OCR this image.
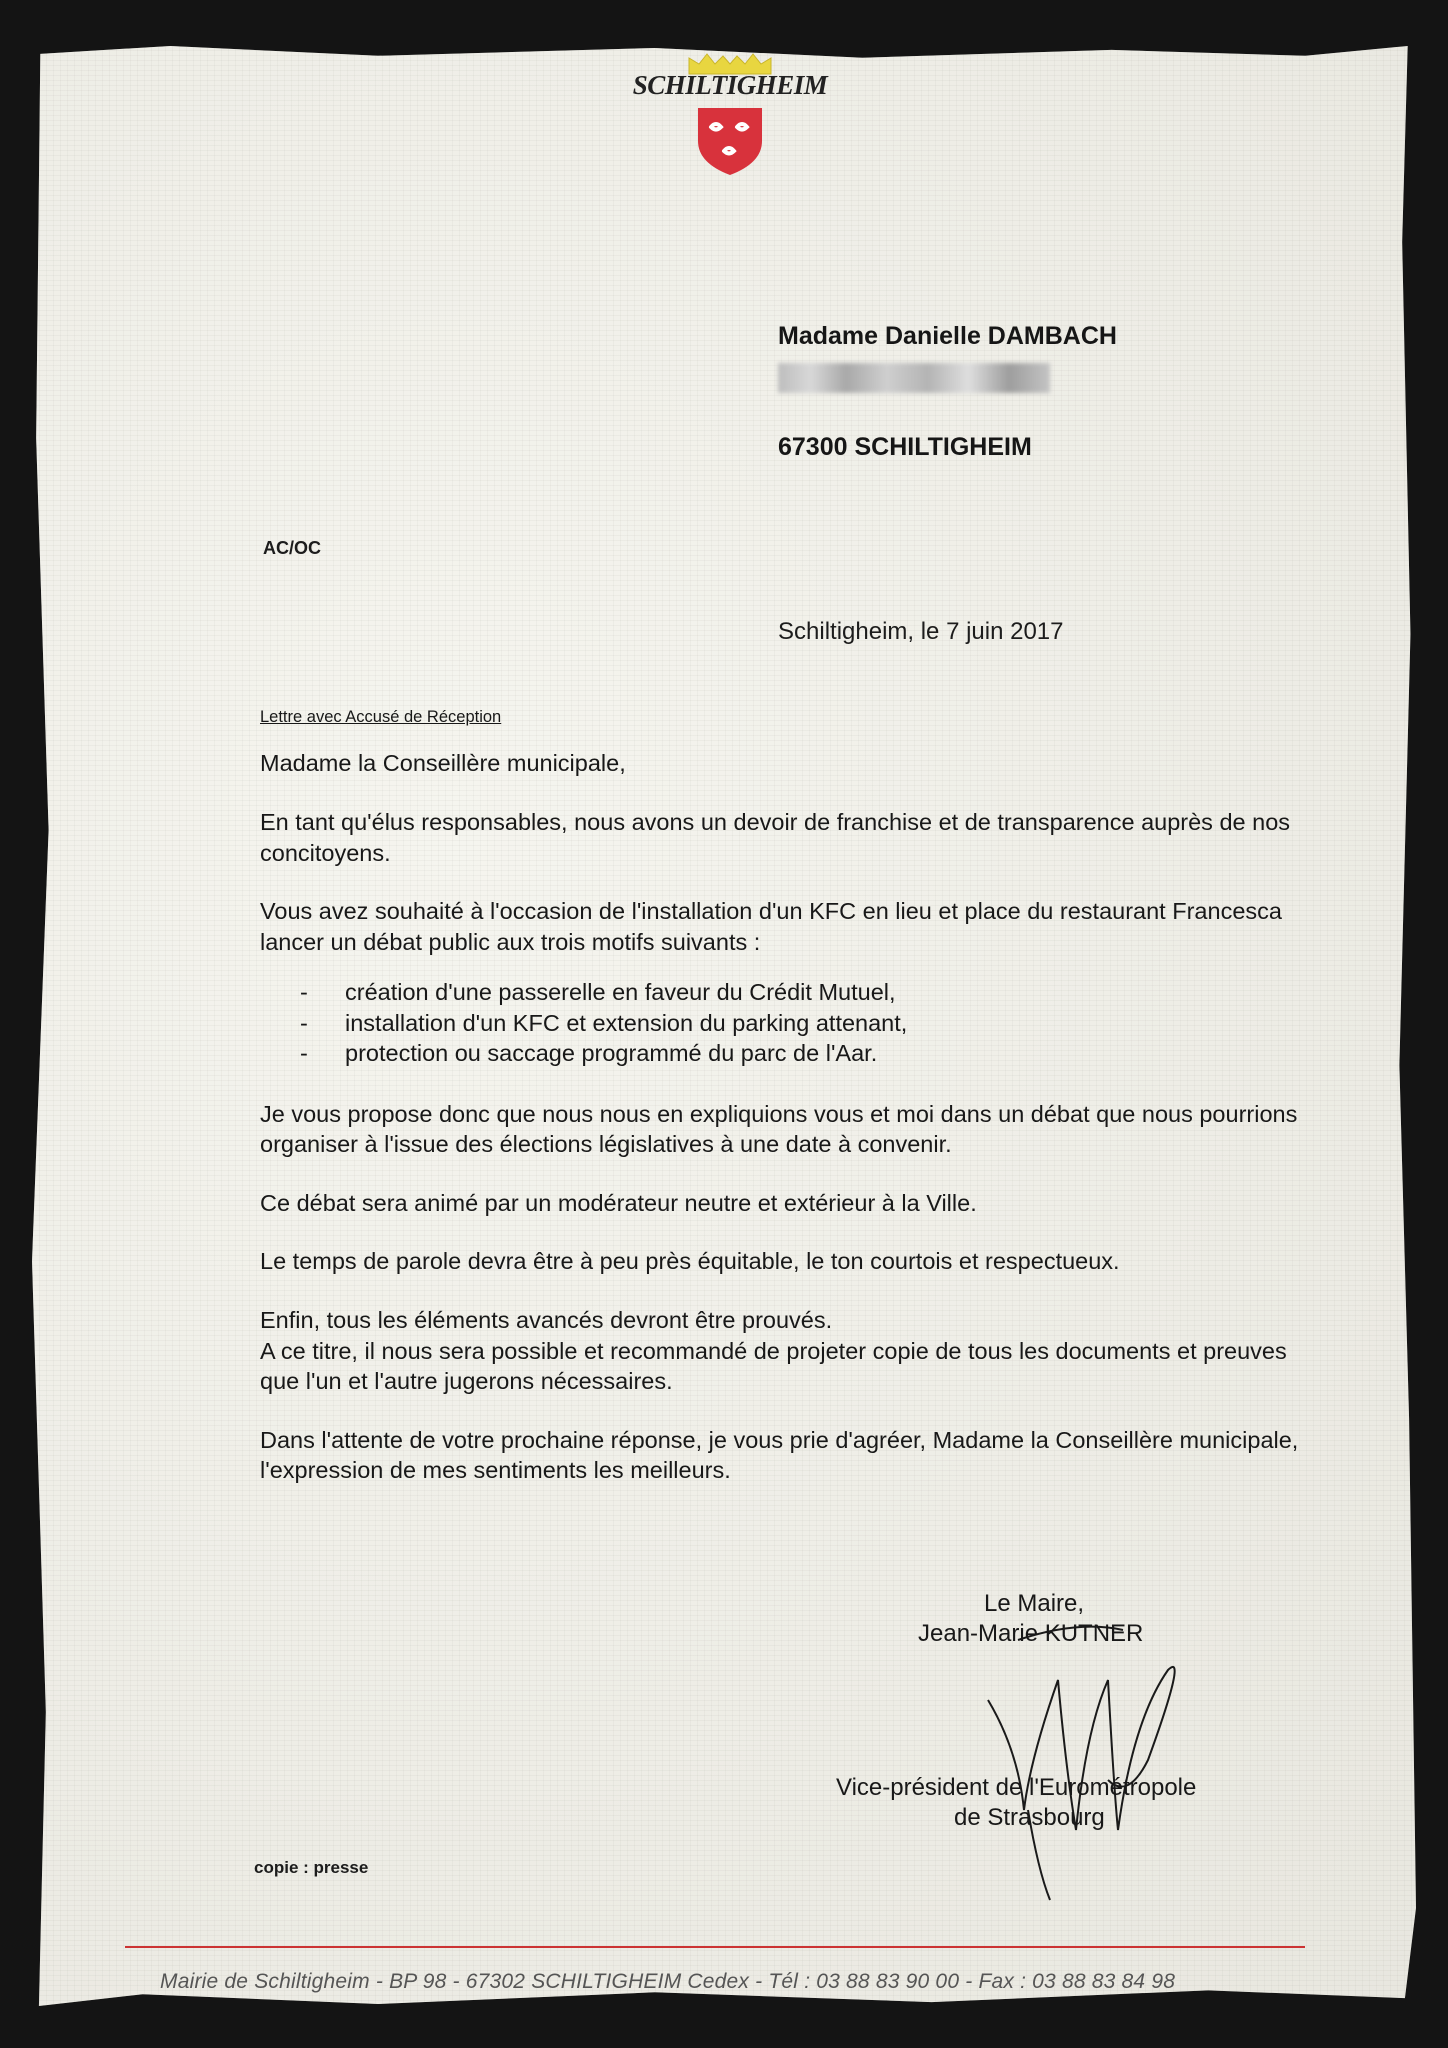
SCHILTIGHEIM
Madame Danielle DAMBACH
67300 SCHILTIGHEIM
AC/OC
Schiltigheim, le 7 juin 2017
Lettre avec Accusé de Réception

Madame la Conseillère municipale,

En tant qu'élus responsables, nous avons un devoir de franchise et de transparence auprès de nos concitoyens.

Vous avez souhaité à l'occasion de l'installation d'un KFC en lieu et place du restaurant Francesca lancer un débat public aux trois motifs suivants :

- création d'une passerelle en faveur du Crédit Mutuel,
- installation d'un KFC et extension du parking attenant,
- protection ou saccage programmé du parc de l'Aar.

Je vous propose donc que nous nous en expliquions vous et moi dans un débat que nous pourrions organiser à l'issue des élections législatives à une date à convenir.

Ce débat sera animé par un modérateur neutre et extérieur à la Ville.

Le temps de parole devra être à peu près équitable, le ton courtois et respectueux.

Enfin, tous les éléments avancés devront être prouvés.

A ce titre, il nous sera possible et recommandé de projeter copie de tous les documents et preuves que l'un et l'autre jugerons nécessaires.

Dans l'attente de votre prochaine réponse, je vous prie d'agréer, Madame la Conseillère municipale, l'expression de mes sentiments les meilleurs.

Le Maire,
Jean-Marie KUTNER
Vice-président de l'Eurométropole
de Strasbourg
copie : presse
Mairie de Schiltigheim - BP 98 - 67302 SCHILTIGHEIM Cedex - Tél : 03 88 83 90 00 - Fax : 03 88 83 84 98
